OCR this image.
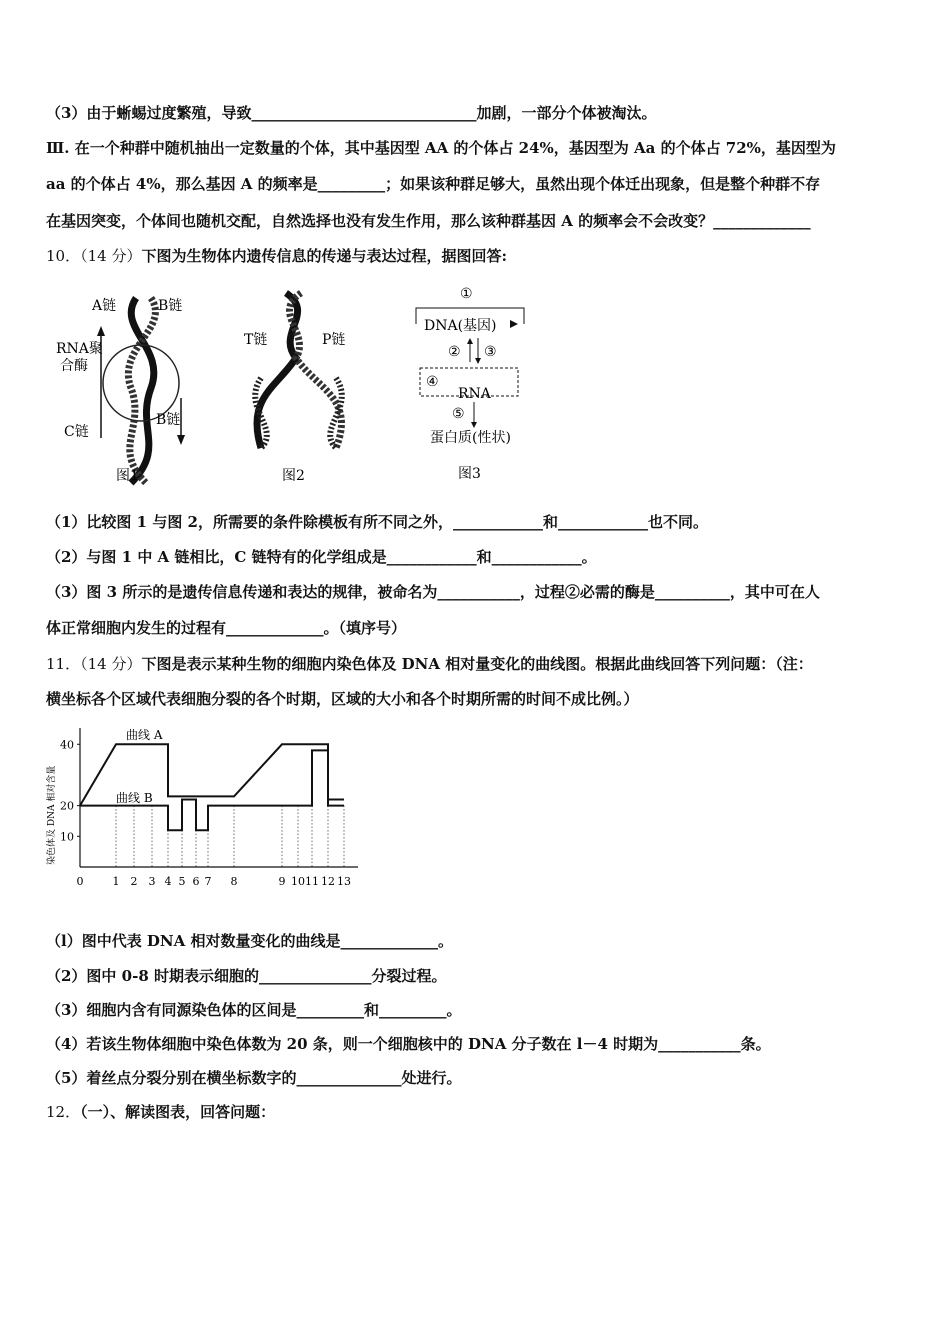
（3）由于蜥蜴过度繁殖，导致______________________________加剧，一部分个体被淘汰。
Ⅲ. 在一个种群中随机抽出一定数量的个体，其中基因型 AA 的个体占 24%，基因型为 Aa 的个体占 72%，基因型为
aa 的个体占 4%，那么基因 A 的频率是_________；如果该种群足够大，虽然出现个体迁出现象，但是整个种群不存
在基因突变，个体间也随机交配，自然选择也没有发生作用，那么该种群基因 A 的频率会不会改变？_____________
10．（14 分）下图为生物体内遗传信息的传递与表达过程，据图回答:
A链	B链
RNA聚
合酶
C链
B链
图1
T链	P链
图2
①
DNA(基因)
② ③
④
RNA
⑤
蛋白质(性状)
图3
（1）比较图 1 与图 2，所需要的条件除模板有所不同之外，____________和____________也不同。
（2）与图 1 中 A 链相比，C 链特有的化学组成是____________和____________。
（3）图 3 所示的是遗传信息传递和表达的规律，被命名为___________，过程②必需的酶是__________，其中可在人
体正常细胞内发生的过程有_____________。（填序号）
11．（14 分）下图是表示某种生物的细胞内染色体及 DNA 相对量变化的曲线图。根据此曲线回答下列问题：（注：
横坐标各个区域代表细胞分裂的各个时期，区域的大小和各个时期所需的时间不成比例。）
0	1 2 3 4 5 6 7 8	9 10 11 12 13
10
20
40
染色体及 DNA 相对含量
曲线 A
曲线 B
（l）图中代表 DNA 相对数量变化的曲线是_____________。
（2）图中 0-8 时期表示细胞的_______________分裂过程。
（3）细胞内含有同源染色体的区间是_________和_________。
（4）若该生物体细胞中染色体数为 20 条，则一个细胞核中的 DNA 分子数在 l－4 时期为___________条。
（5）着丝点分裂分别在横坐标数字的______________处进行。
12．（一）、解读图表，回答问题：
